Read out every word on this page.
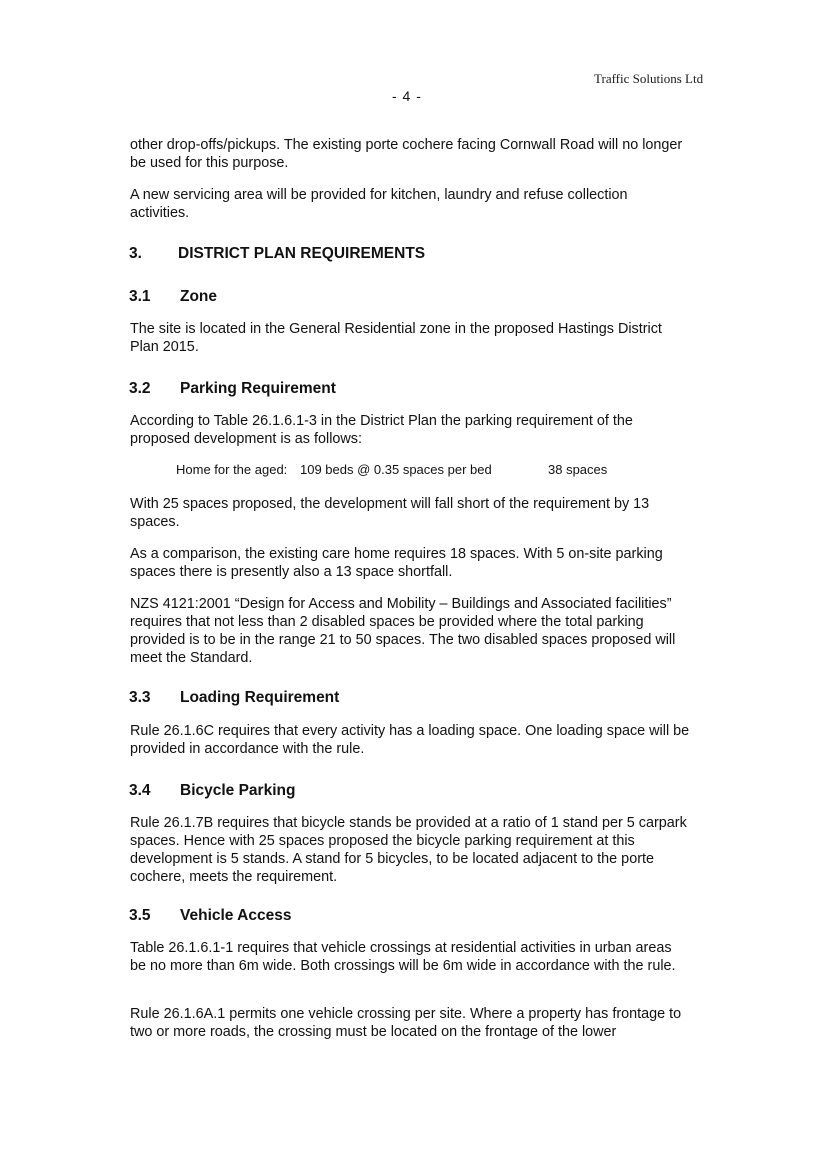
Traffic Solutions Ltd
- 4 -

other drop-offs/pickups. The existing porte cochere facing Cornwall Road will no longer be used for this purpose.

A new servicing area will be provided for kitchen, laundry and refuse collection activities.

3. DISTRICT PLAN REQUIREMENTS
3.1 Zone

The site is located in the General Residential zone in the proposed Hastings District Plan 2015.

3.2 Parking Requirement

According to Table 26.1.6.1-3 in the District Plan the parking requirement of the proposed development is as follows:

Home for the aged: 109 beds @ 0.35 spaces per bed	38 spaces

With 25 spaces proposed, the development will fall short of the requirement by 13 spaces.

As a comparison, the existing care home requires 18 spaces. With 5 on-site parking spaces there is presently also a 13 space shortfall.

NZS 4121:2001 “Design for Access and Mobility – Buildings and Associated facilities” requires that not less than 2 disabled spaces be provided where the total parking provided is to be in the range 21 to 50 spaces. The two disabled spaces proposed will meet the Standard.

3.3 Loading Requirement

Rule 26.1.6C requires that every activity has a loading space. One loading space will be provided in accordance with the rule.

3.4 Bicycle Parking

Rule 26.1.7B requires that bicycle stands be provided at a ratio of 1 stand per 5 carpark spaces. Hence with 25 spaces proposed the bicycle parking requirement at this development is 5 stands. A stand for 5 bicycles, to be located adjacent to the porte cochere, meets the requirement.

3.5 Vehicle Access

Table 26.1.6.1-1 requires that vehicle crossings at residential activities in urban areas be no more than 6m wide. Both crossings will be 6m wide in accordance with the rule.

Rule 26.1.6A.1 permits one vehicle crossing per site. Where a property has frontage to two or more roads, the crossing must be located on the frontage of the lower
